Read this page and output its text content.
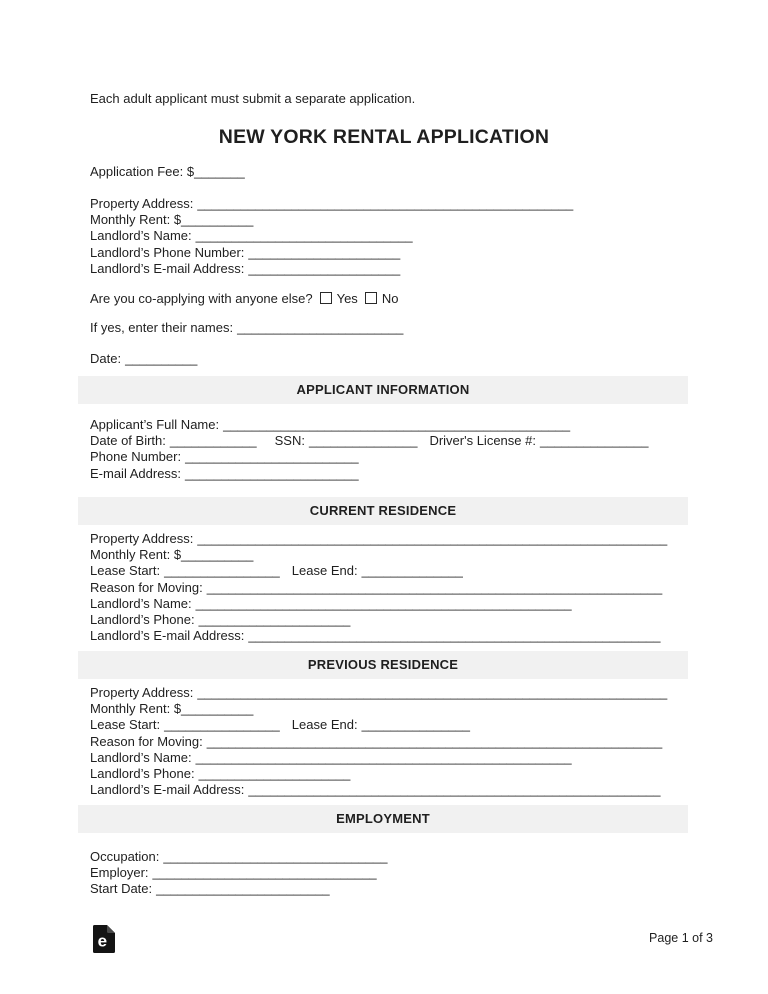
Each adult applicant must submit a separate application.
NEW YORK RENTAL APPLICATION
Application Fee: $_______
Property Address: ____________________________________________________
Monthly Rent: $__________
Landlord’s Name: ______________________________
Landlord’s Phone Number: _____________________
Landlord’s E-mail Address: _____________________
Are you co-applying with anyone else? Yes No
If yes, enter their names: _______________________
Date: __________
APPLICANT INFORMATION
Applicant’s Full Name: ________________________________________________
Date of Birth: ____________ SSN: _______________ Driver's License #: _______________
Phone Number: ________________________
E-mail Address: ________________________
CURRENT RESIDENCE
Property Address: _________________________________________________________________
Monthly Rent: $__________
Lease Start: ________________ Lease End: ______________
Reason for Moving: _______________________________________________________________
Landlord’s Name: ____________________________________________________
Landlord’s Phone: _____________________
Landlord’s E-mail Address: _________________________________________________________
PREVIOUS RESIDENCE
Property Address: _________________________________________________________________
Monthly Rent: $__________
Lease Start: ________________ Lease End: _______________
Reason for Moving: _______________________________________________________________
Landlord’s Name: ____________________________________________________
Landlord’s Phone: _____________________
Landlord’s E-mail Address: _________________________________________________________
EMPLOYMENT
Occupation: _______________________________
Employer: _______________________________
Start Date: ________________________
e	Page 1 of 3
